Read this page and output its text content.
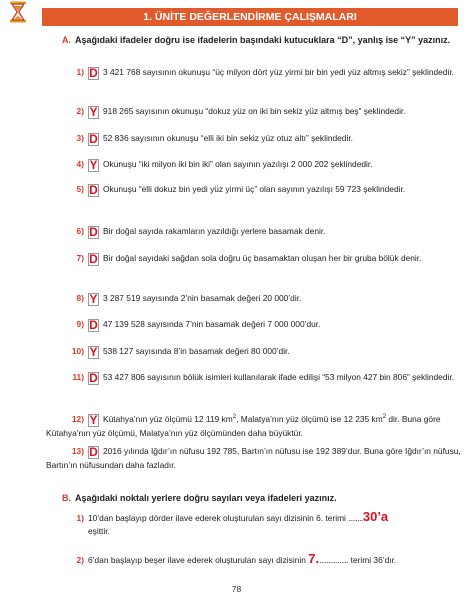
1. ÜNİTE DEĞERLENDİRME ÇALIŞMALARI
A. Aşağıdaki ifadeler doğru ise ifadelerin başındaki kutucuklara “D”, yanlış ise “Y” yazınız.
1) D 3 421 768 sayısının okunuşu “üç milyon dört yüz yirmi bir bin yedi yüz altmış sekiz” şeklindedir.
2) Y 918 265 sayısının okunuşu “dokuz yüz on iki bin sekiz yüz altmış beş” şeklindedir.
3) D 52 836 sayısının okunuşu “elli iki bin sekiz yüz otuz altı” şeklindedir.
4) Y Okunuşu “iki milyon iki bin iki” olan sayının yazılışı 2 000 202 şeklindedir.
5) D Okunuşu “elli dokuz bin yedi yüz yirmi üç” olan sayının yazılışı 59 723 şeklindedir.
6) D Bir doğal sayıda rakamların yazıldığı yerlere basamak denir.
7) D Bir doğal sayıdaki sağdan sola doğru üç basamaktan oluşan her bir gruba bölük denir.
8) Y 3 287 519 sayısında 2’nin basamak değeri 20 000’dir.
9) D 47 139 528 sayısında 7’nin basamak değeri 7 000 000’dur.
10) Y 538 127 sayısında 8’in basamak değeri 80 000’dir.
11) D 53 427 806 sayısının bölük isimleri kullanılarak ifade edilişi “53 milyon 427 bin 806” şeklindedir.
12) Y Kütahya’nın yüz ölçümü 12 119 $km^2$, Malatya’nın yüz ölçümü ise 12 235 $km^2$ dir. Buna göre Kütahya’nın yüz ölçümü, Malatya’nın yüz ölçümünden daha büyüktür.
13) D 2016 yılında Iğdır’ın nüfusu 192 785, Bartın’ın nüfusu ise 192 389’dur. Buna göre Iğdır’ın nüfusu, Bartın’ın nüfusundan daha fazladır.
B. Aşağıdaki noktalı yerlere doğru sayıları veya ifadeleri yazınız.
1) 10’dan başlayıp dörder ilave ederek oluşturulan sayı dizisinin 6. terimi ........30’a
eşittir.
2) 6’dan başlayıp beşer ilave ederek oluşturulan sayı dizisinin 7................. terimi 36’dır.
78
